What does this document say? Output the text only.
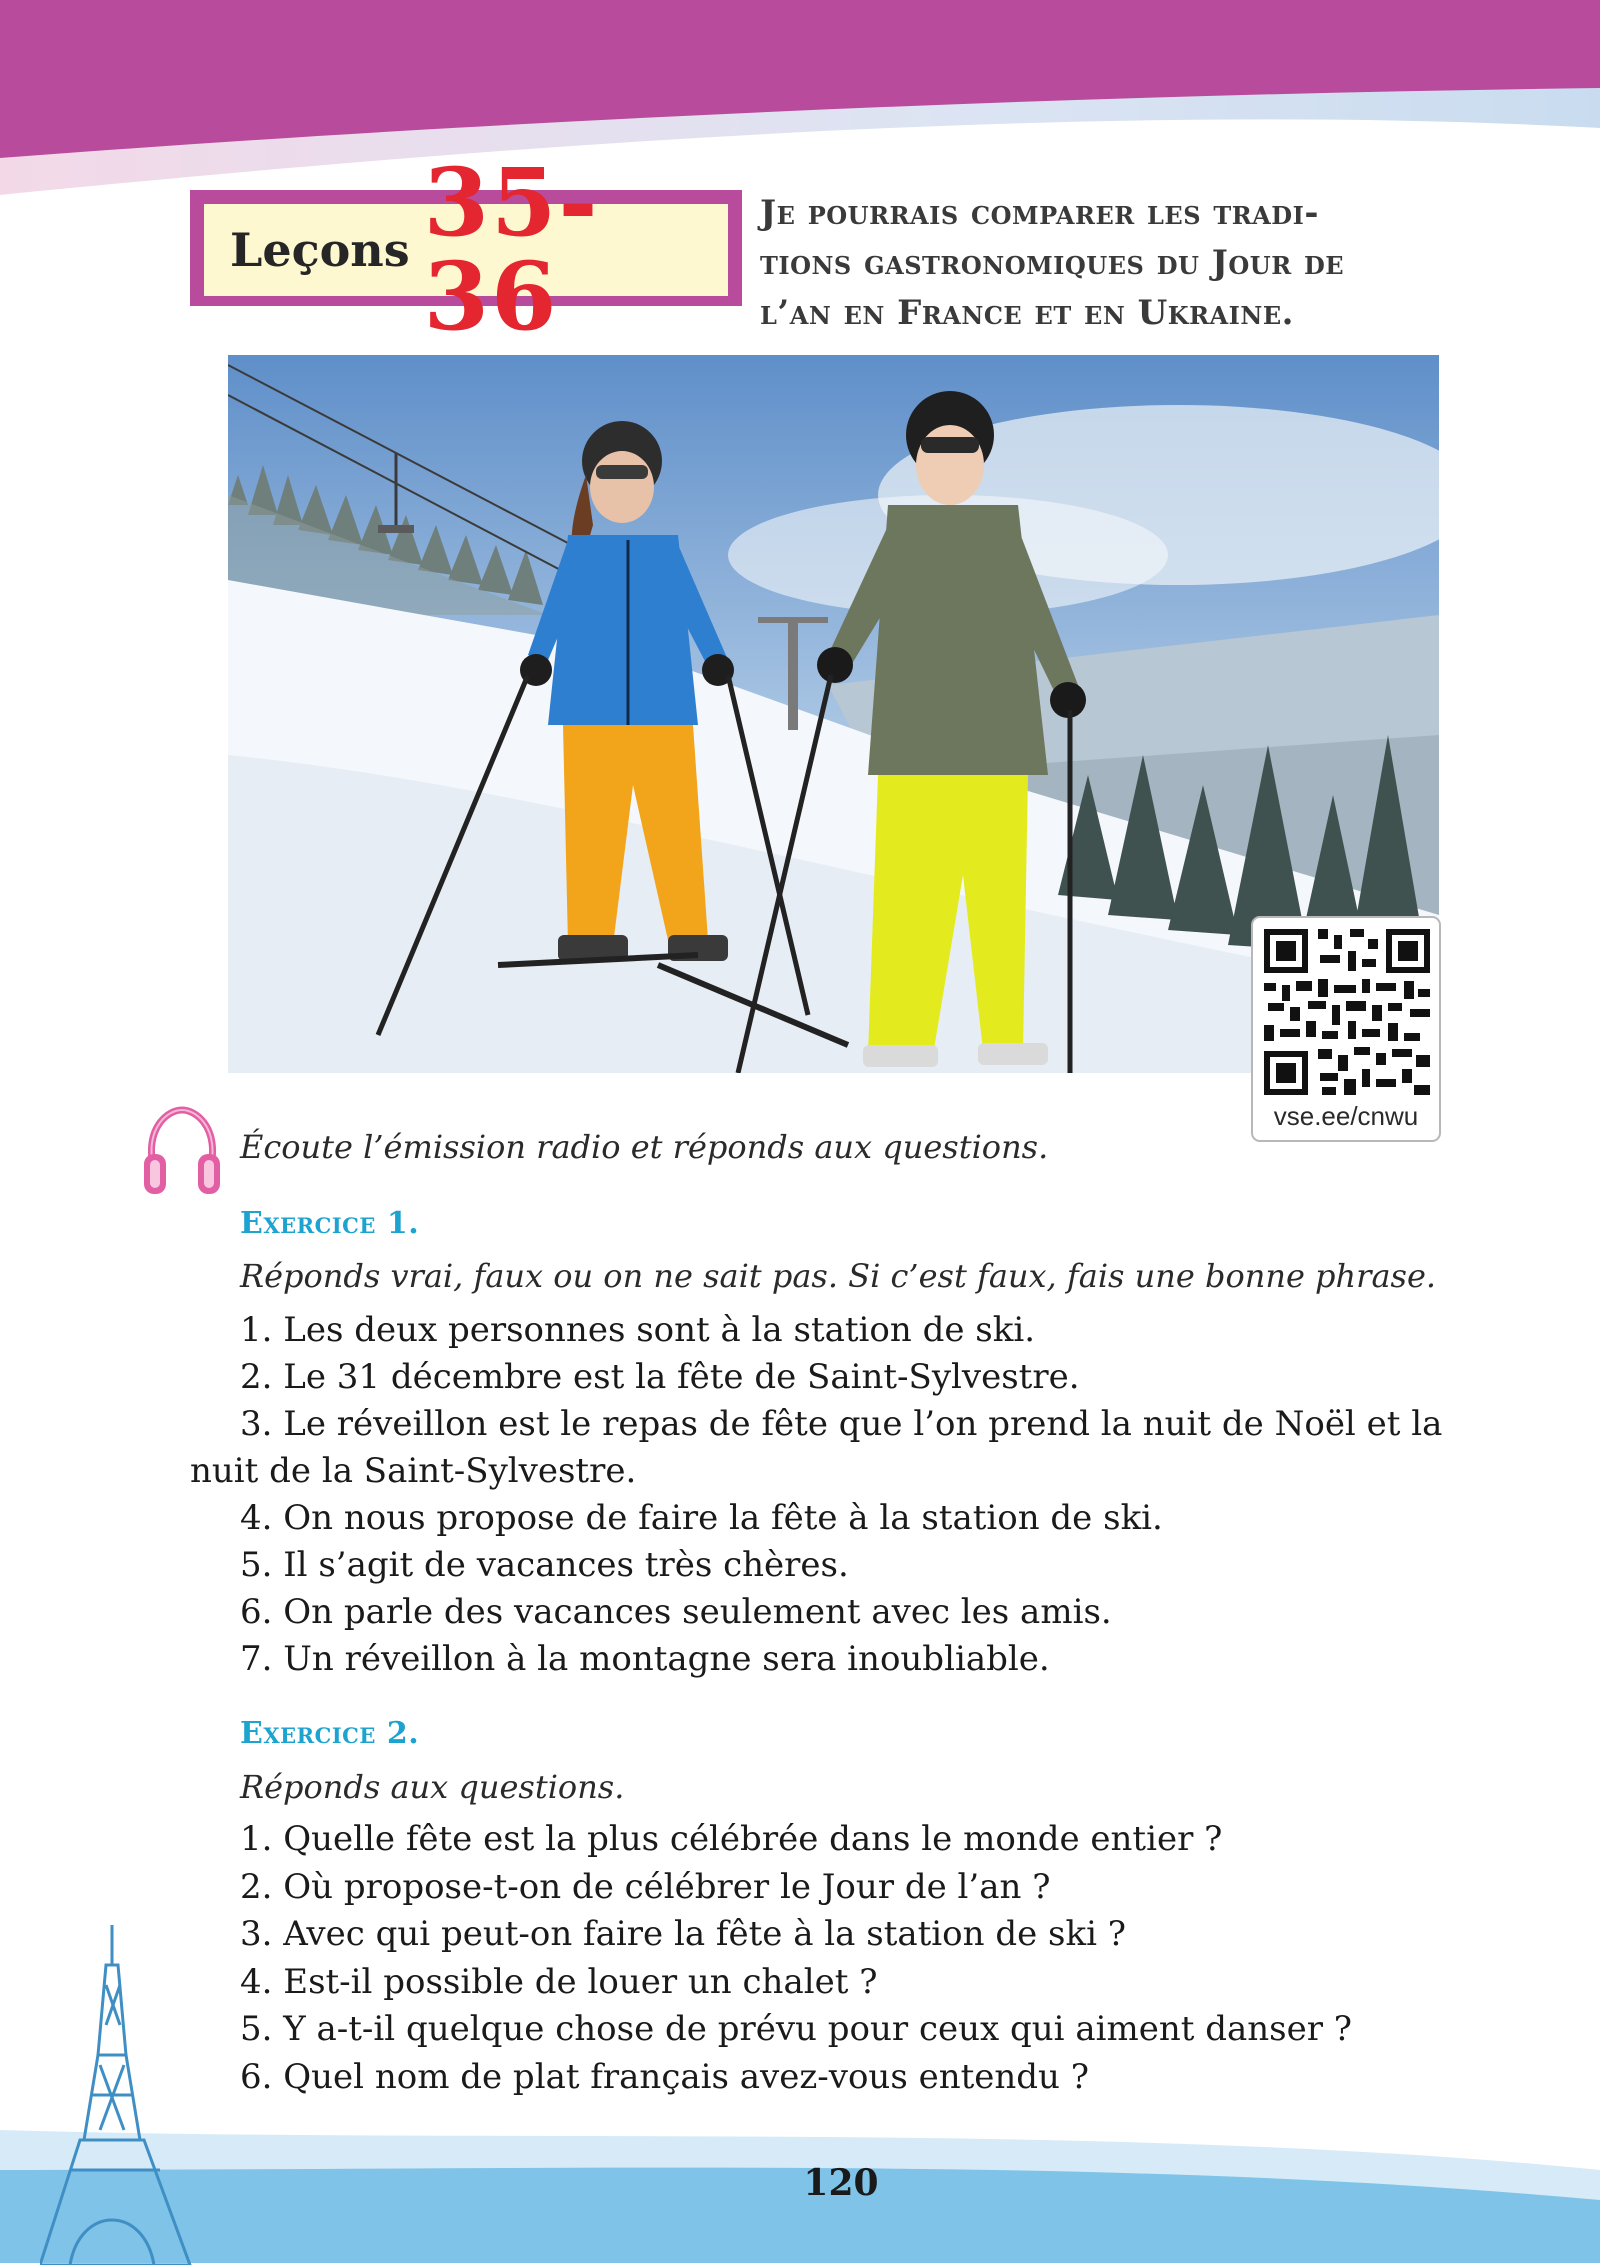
Leçons 35-36
Je pourrais comparer les tradi-
tions gastronomiques du Jour de
l’an en France et en Ukraine.
vse.ee/cnwu

Écoute l’émission radio et réponds aux questions.

Exercice 1.

Réponds vrai, faux ou on ne sait pas. Si c’est faux, fais une bonne phrase.

1. Les deux personnes sont à la station de ski.

2. Le 31 décembre est la fête de Saint-Sylvestre.

3. Le réveillon est le repas de fête que l’on prend la nuit de Noël et la

nuit de la Saint-Sylvestre.

4. On nous propose de faire la fête à la station de ski.

5. Il s’agit de vacances très chères.

6. On parle des vacances seulement avec les amis.

7. Un réveillon à la montagne sera inoubliable.

Exercice 2.

Réponds aux questions.

1. Quelle fête est la plus célébrée dans le monde entier ?

2. Où propose-t-on de célébrer le Jour de l’an ?

3. Avec qui peut-on faire la fête à la station de ski ?

4. Est-il possible de louer un chalet ?

5. Y a-t-il quelque chose de prévu pour ceux qui aiment danser ?

6. Quel nom de plat français avez-vous entendu ?

120
